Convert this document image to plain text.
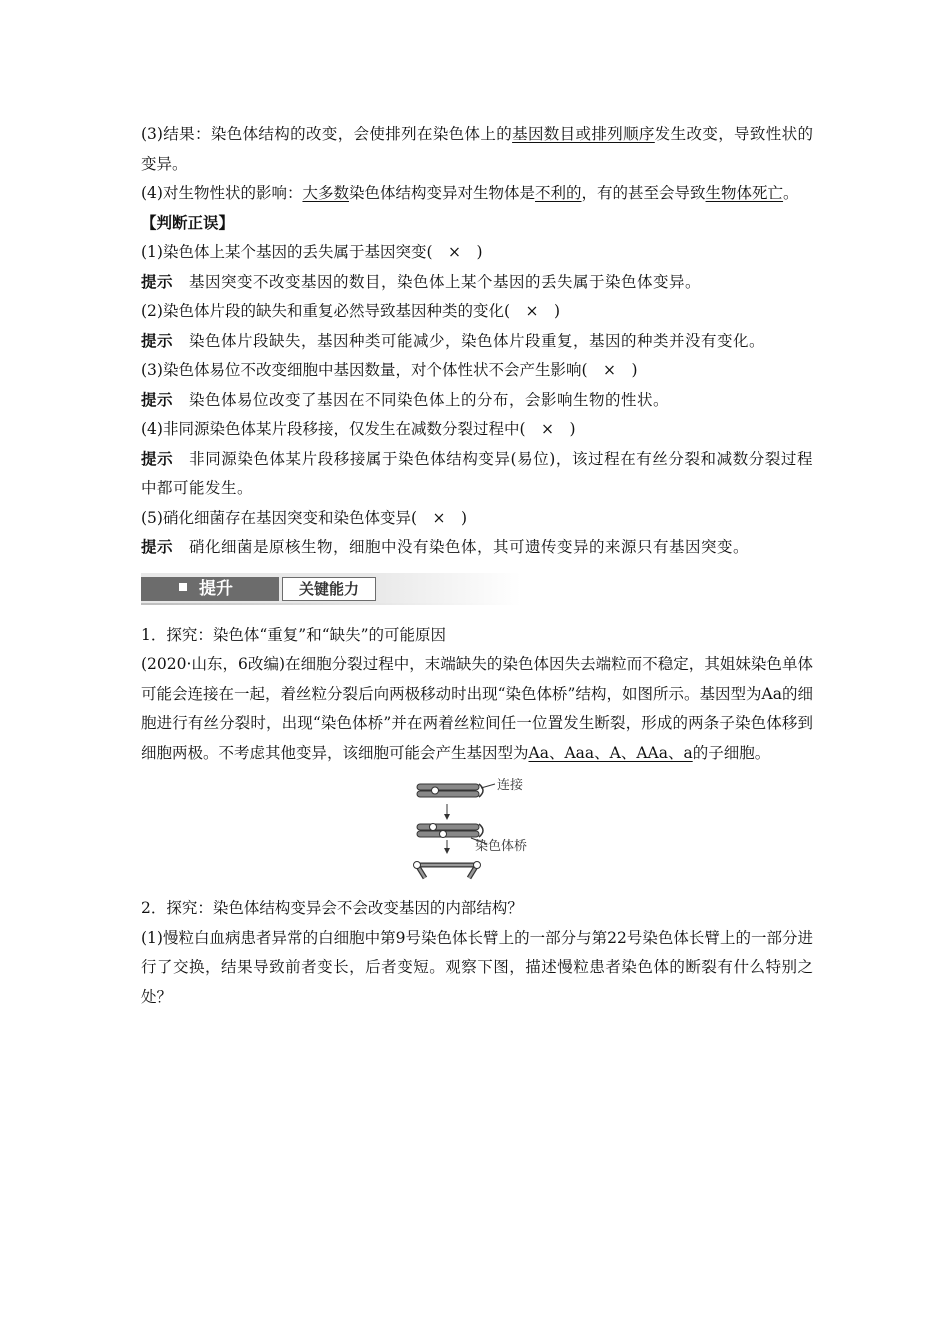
(3)结果：染色体结构的改变，会使排列在染色体上的基因数目或排列顺序发生改变，导致性状的变异。

(4)对生物性状的影响：大多数染色体结构变异对生物体是不利的，有的甚至会导致生物体死亡。

【判断正误】

(1)染色体上某个基因的丢失属于基因突变(　×　)

提示 基因突变不改变基因的数目，染色体上某个基因的丢失属于染色体变异。

(2)染色体片段的缺失和重复必然导致基因种类的变化(　×　)

提示 染色体片段缺失，基因种类可能减少，染色体片段重复，基因的种类并没有变化。

(3)染色体易位不改变细胞中基因数量，对个体性状不会产生影响(　×　)

提示 染色体易位改变了基因在不同染色体上的分布，会影响生物的性状。

(4)非同源染色体某片段移接，仅发生在减数分裂过程中(　×　)

提示 非同源染色体某片段移接属于染色体结构变异(易位)，该过程在有丝分裂和减数分裂过程中都可能发生。

(5)硝化细菌存在基因突变和染色体变异(　×　)

提示 硝化细菌是原核生物，细胞中没有染色体，其可遗传变异的来源只有基因突变。

提升	关键能力

1．探究：染色体“重复”和“缺失”的可能原因

(2020·山东，6改编)在细胞分裂过程中，末端缺失的染色体因失去端粒而不稳定，其姐妹染色单体可能会连接在一起，着丝粒分裂后向两极移动时出现“染色体桥”结构，如图所示。基因型为Aa的细胞进行有丝分裂时，出现“染色体桥”并在两着丝粒间任一位置发生断裂，形成的两条子染色体移到细胞两极。不考虑其他变异，该细胞可能会产生基因型为Aa、Aaa、A、AAa、a的子细胞。

连接
染色体桥

2．探究：染色体结构变异会不会改变基因的内部结构？

(1)慢粒白血病患者异常的白细胞中第9号染色体长臂上的一部分与第22号染色体长臂上的一部分进行了交换，结果导致前者变长，后者变短。观察下图，描述慢粒患者染色体的断裂有什么特别之处？
